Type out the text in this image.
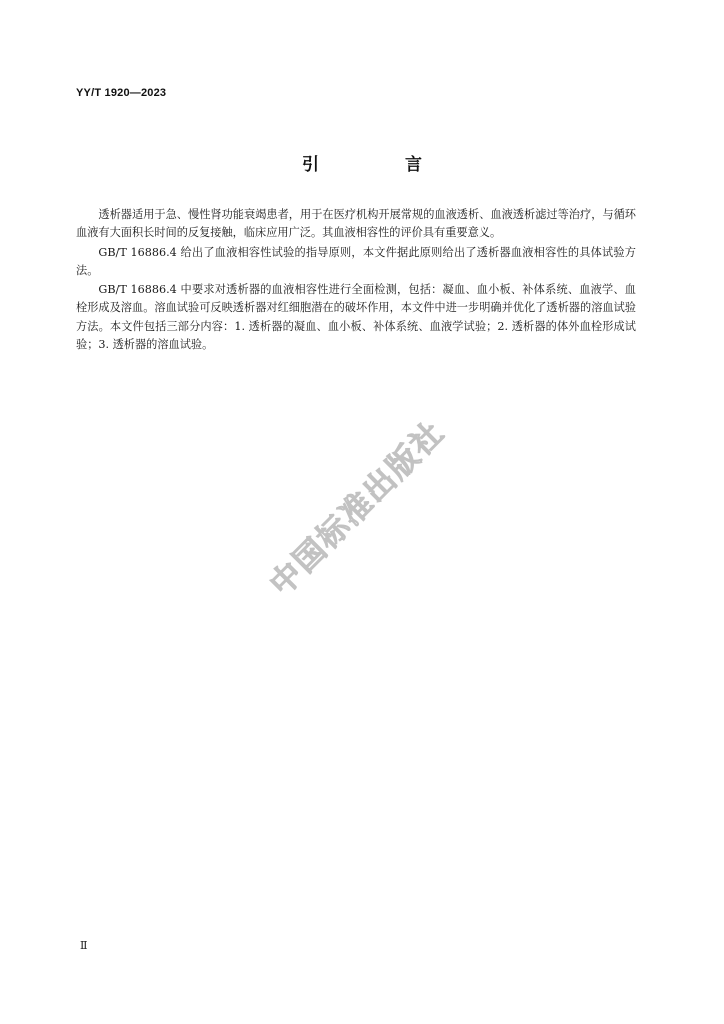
YY/T 1920—2023
引 言

透析器适用于急、慢性肾功能衰竭患者，用于在医疗机构开展常规的血液透析、血液透析滤过等治疗，与循环血液有大面积长时间的反复接触，临床应用广泛。其血液相容性的评价具有重要意义。

GB/T 16886.4 给出了血液相容性试验的指导原则，本文件据此原则给出了透析器血液相容性的具体试验方法。

GB/T 16886.4 中要求对透析器的血液相容性进行全面检测，包括：凝血、血小板、补体系统、血液学、血栓形成及溶血。溶血试验可反映透析器对红细胞潜在的破坏作用，本文件中进一步明确并优化了透析器的溶血试验方法。本文件包括三部分内容：1. 透析器的凝血、血小板、补体系统、血液学试验；2. 透析器的体外血栓形成试验；3. 透析器的溶血试验。

中国标准出版社
Ⅱ
